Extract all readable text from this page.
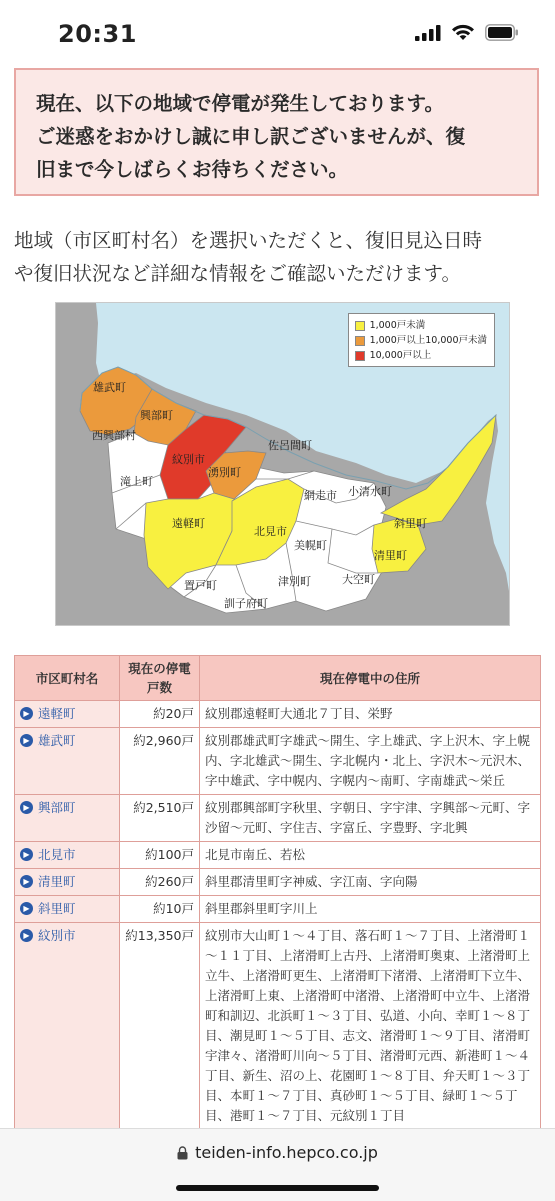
20:31

現在、以下の地域で停電が発生しております。

ご迷惑をおかけし誠に申し訳ございませんが、復

旧まで今しばらくお待ちください。

地域（市区町村名）を選択いただくと、復旧見込日時
や復旧状況など詳細な情報をご確認いただけます。

雄武町
興部町
西興部村
紋別市
湧別町
佐呂間町
滝上町
網走市 小清水町
遠軽町
北見市
斜里町
美幌町
清里町
大空町
置戸町	津別町
訓子府町
1,000戸未満
1,000戸以上10,000戸未満
10,000戸以上
市区町村名	現在の停電戸数	現在停電中の住所

▶ 遠軽町	約20戸	紋別郡遠軽町大通北７丁目、栄野

▶ 雄武町	約2,960戸	紋別郡雄武町字雄武～開生、字上雄武、字上沢木、字上幌内、字北雄武～開生、字北幌内・北上、字沢木～元沢木、字中雄武、字中幌内、字幌内～南町、字南雄武～栄丘

▶ 興部町	約2,510戸	紋別郡興部町字秋里、字朝日、字宇津、字興部～元町、字沙留～元町、字住吉、字富丘、字豊野、字北興

▶ 北見市	約100戸	北見市南丘、若松

▶ 清里町	約260戸	斜里郡清里町字神威、字江南、字向陽

▶ 斜里町	約10戸	斜里郡斜里町字川上

▶ 紋別市	約13,350戸	紋別市大山町１～４丁目、落石町１～７丁目、上渚滑町１～１１丁目、上渚滑町上古丹、上渚滑町奥東、上渚滑町上立牛、上渚滑町更生、上渚滑町下渚滑、上渚滑町下立牛、上渚滑町上東、上渚滑町中渚滑、上渚滑町中立牛、上渚滑町和訓辺、北浜町１～３丁目、弘道、小向、幸町１～８丁目、潮見町１～５丁目、志文、渚滑町１～９丁目、渚滑町宇津々、渚滑町川向～５丁目、渚滑町元西、新港町１～４丁目、新生、沼の上、花園町１～８丁目、弁天町１～３丁目、本町１～７丁目、真砂町１～５丁目、緑町１～５丁目、港町１～７丁目、元紋別１丁目
teiden-info.hepco.co.jp
